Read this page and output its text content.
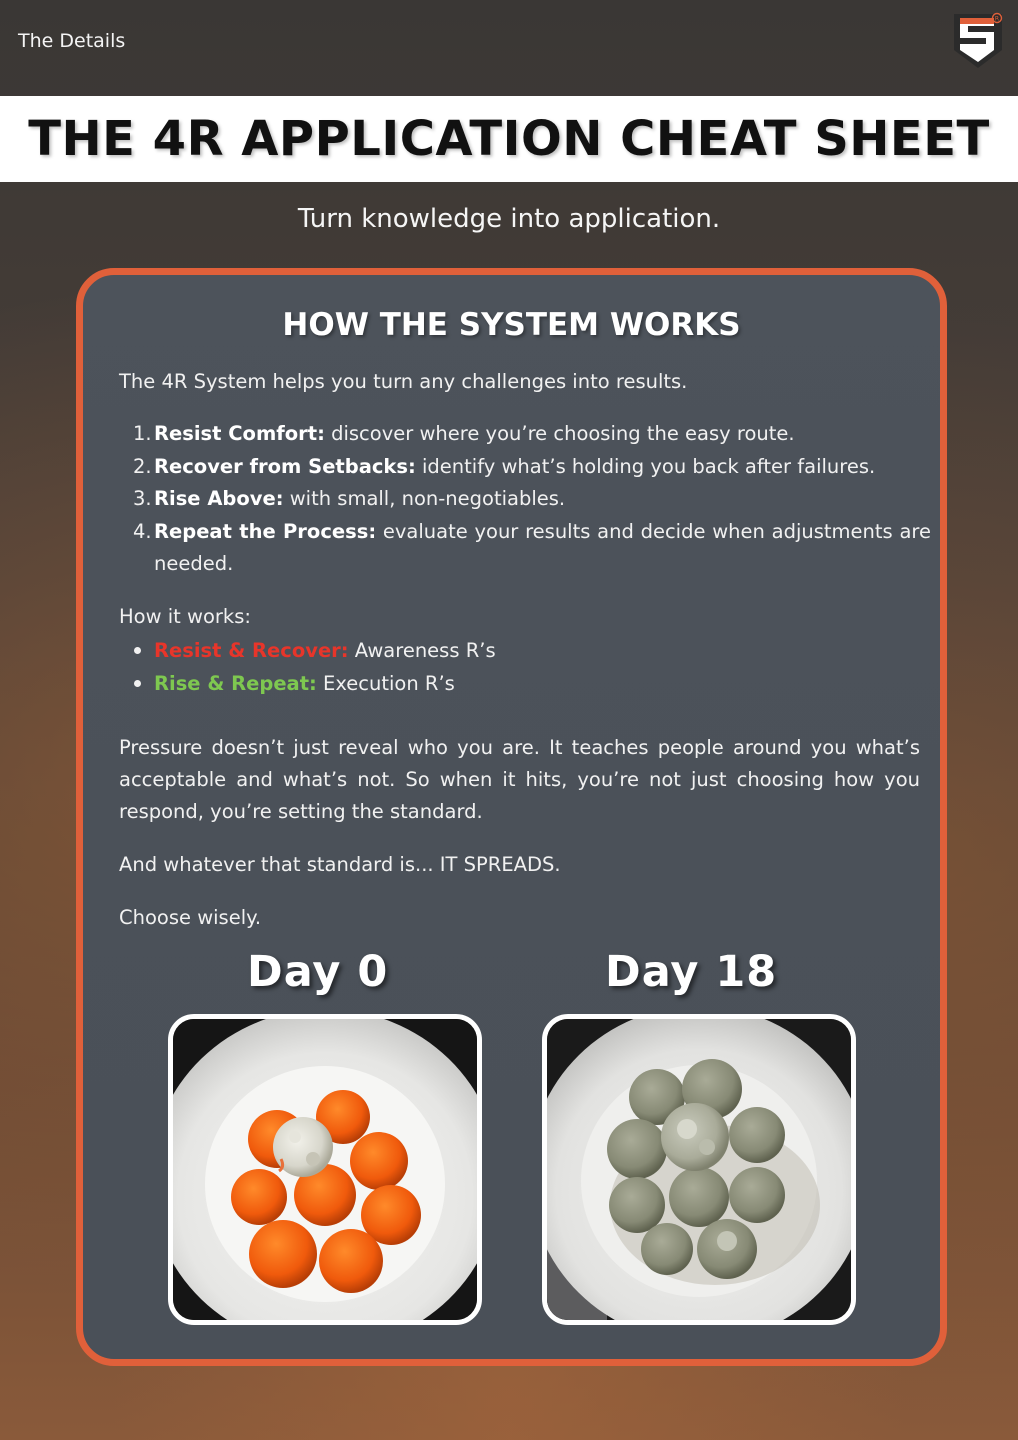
The Details
R
THE 4R APPLICATION CHEAT SHEET
Turn knowledge into application.
HOW THE SYSTEM WORKS

The 4R System helps you turn any challenges into results.

1. Resist Comfort: discover where you’re choosing the easy route.
2. Recover from Setbacks: identify what’s holding you back after failures.
3. Rise Above: with small, non-negotiables.
4. Repeat the Process: evaluate your results and decide when adjustments are needed.

How it works:

Resist & Recover: Awareness R’s
Rise & Repeat: Execution R’s

Pressure doesn’t just reveal who you are. It teaches people around you what’s acceptable and what’s not. So when it hits, you’re not just choosing how you respond, you’re setting the standard.

And whatever that standard is... IT SPREADS.

Choose wisely.

Day 0	Day 18
